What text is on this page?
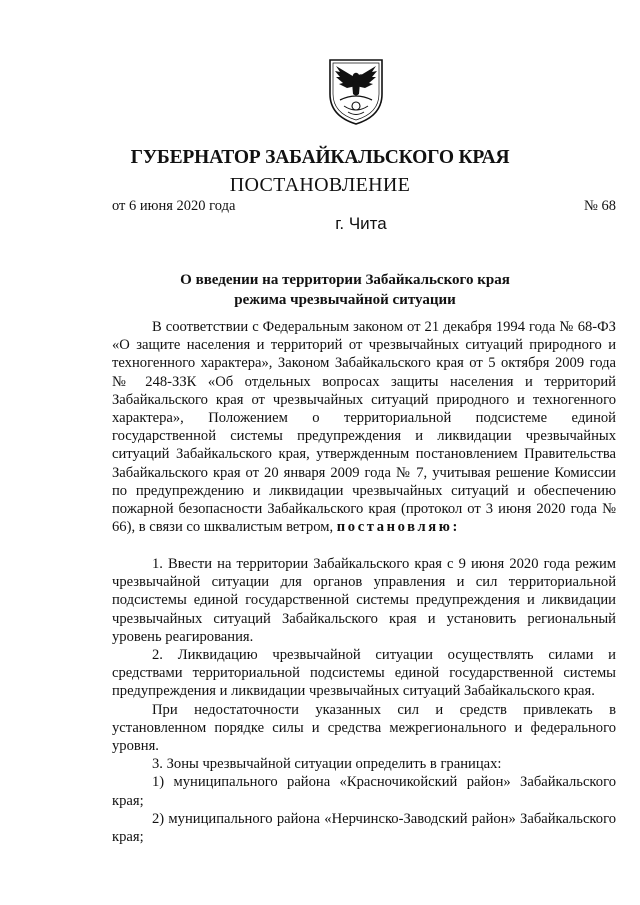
ГУБЕРНАТОР ЗАБАЙКАЛЬСКОГО КРАЯ
ПОСТАНОВЛЕНИЕ
от 6 июня 2020 года	№ 68
г. Чита
О введении на территории Забайкальского края
режима чрезвычайной ситуации

В соответствии с Федеральным законом от 21 декабря 1994 года № 68-ФЗ «О защите населения и территорий от чрезвычайных ситуаций природного и техногенного характера», Законом Забайкальского края от 5 октября 2009 года № 248-ЗЗК «Об отдельных вопросах защиты населения и территорий Забайкальского края от чрезвычайных ситуаций природного и техногенного характера», Положением о территориальной подсистеме единой государственной системы предупреждения и ликвидации чрезвычайных ситуаций Забайкальского края, утвержденным постановлением Правительства Забайкальского края от 20 января 2009 года № 7, учитывая решение Комиссии по предупреждению и ликвидации чрезвычайных ситуаций и обеспечению пожарной безопасности Забайкальского края (протокол от 3 июня 2020 года № 66), в связи со шквалистым ветром, постановляю:

1. Ввести на территории Забайкальского края с 9 июня 2020 года режим чрезвычайной ситуации для органов управления и сил территориальной подсистемы единой государственной системы предупреждения и ликвидации чрезвычайных ситуаций Забайкальского края и установить региональный уровень реагирования.

2. Ликвидацию чрезвычайной ситуации осуществлять силами и средствами территориальной подсистемы единой государственной системы предупреждения и ликвидации чрезвычайных ситуаций Забайкальского края.

При недостаточности указанных сил и средств привлекать в установленном порядке силы и средства межрегионального и федерального уровня.

3. Зоны чрезвычайной ситуации определить в границах:

1) муниципального района «Красночикойский район» Забайкальского края;

2) муниципального района «Нерчинско-Заводский район» Забайкальского края;
